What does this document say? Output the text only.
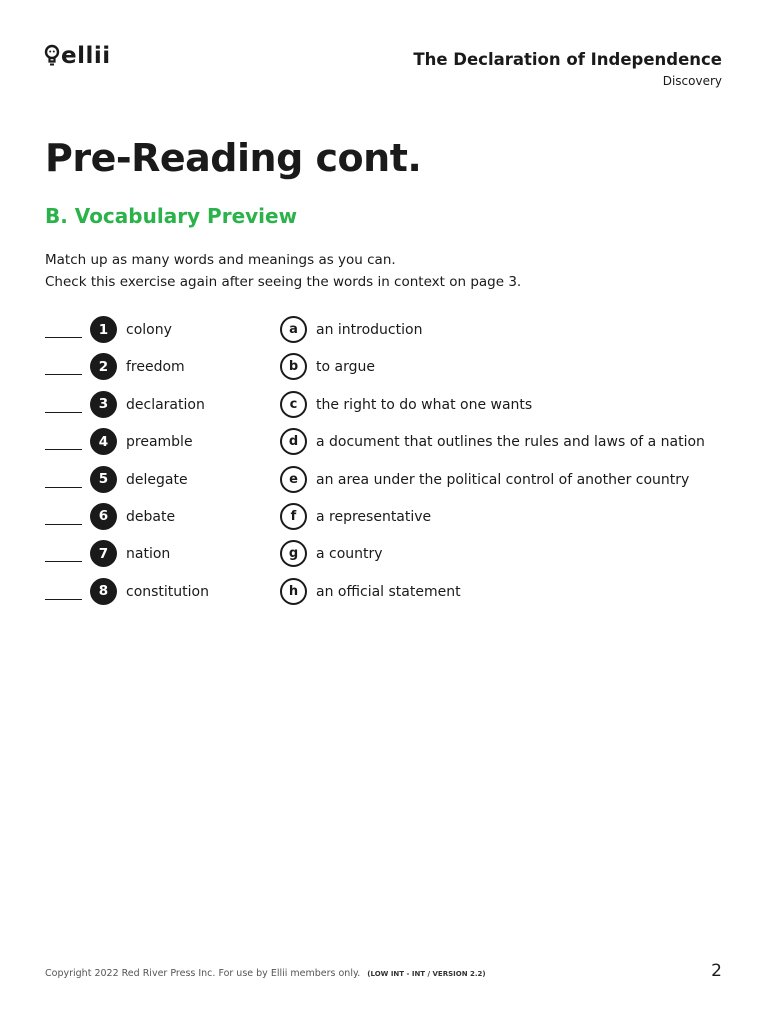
ellii	The Declaration of Independence
Discovery
Pre-Reading cont.
B. Vocabulary Preview

Match up as many words and meanings as you can.

Check this exercise again after seeing the words in context on page 3.

1	colony	a	an introduction
2	freedom	b	to argue
3	declaration	c	the right to do what one wants
4	preamble	d	a document that outlines the rules and laws of a nation
5	delegate	e	an area under the political control of another country
6	debate	f	a representative
7	nation	g	a country
8	constitution	h	an official statement
Copyright 2022 Red River Press Inc. For use by Ellii members only. (LOW INT - INT / VERSION 2.2)	2
